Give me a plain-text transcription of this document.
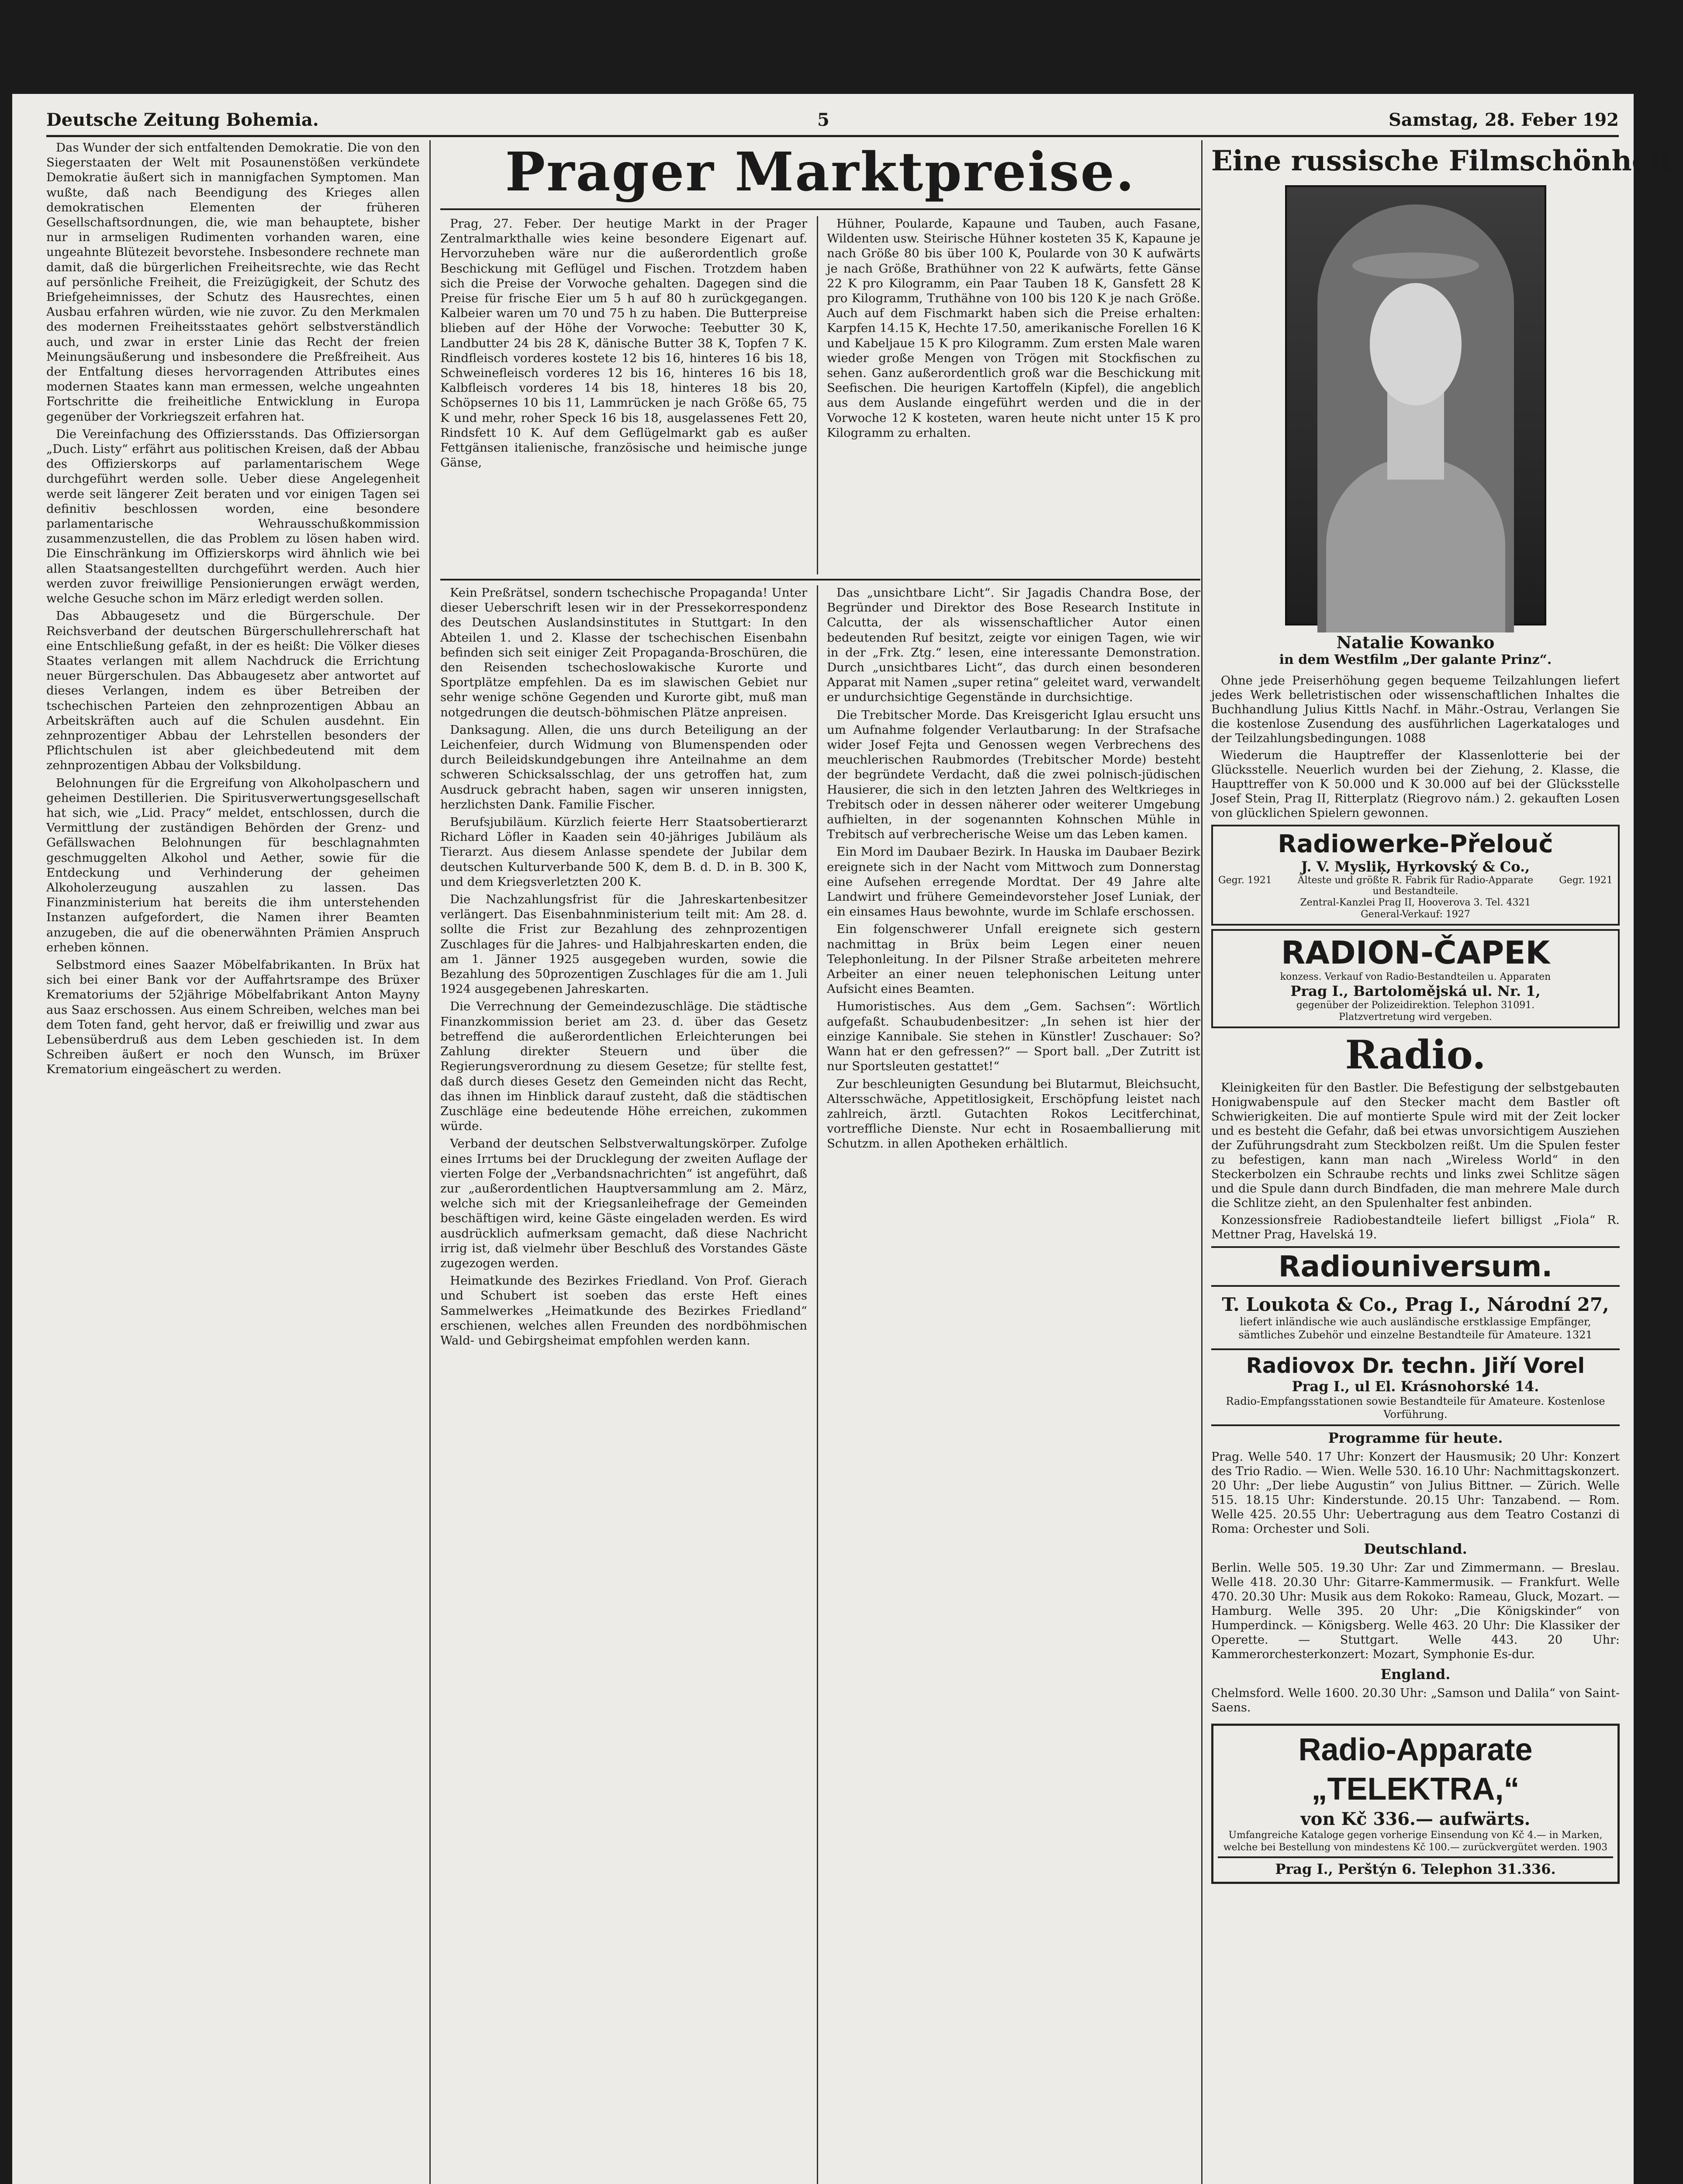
Deutsche Zeitung Bohemia.	5	Samstag, 28. Feber 192

Das Wunder der sich entfaltenden Demokratie. Die von den Siegerstaaten der Welt mit Posaunenstößen verkündete Demokratie äußert sich in mannigfachen Symptomen. Man wußte, daß nach Beendigung des Krieges allen demokratischen Elementen der früheren Gesellschaftsordnungen, die, wie man behauptete, bisher nur in armseligen Rudimenten vorhanden waren, eine ungeahnte Blütezeit bevorstehe. Insbesondere rechnete man damit, daß die bürgerlichen Freiheitsrechte, wie das Recht auf persönliche Freiheit, die Freizügigkeit, der Schutz des Briefgeheimnisses, der Schutz des Hausrechtes, einen Ausbau erfahren würden, wie nie zuvor. Zu den Merkmalen des modernen Freiheitsstaates gehört selbstverständlich auch, und zwar in erster Linie das Recht der freien Meinungsäußerung und insbesondere die Preßfreiheit. Aus der Entfaltung dieses hervorragenden Attributes eines modernen Staates kann man ermessen, welche ungeahnten Fortschritte die freiheitliche Entwicklung in Europa gegenüber der Vorkriegszeit erfahren hat.

Die Vereinfachung des Offiziersstands. Das Offiziersorgan „Duch. Listy“ erfährt aus politischen Kreisen, daß der Abbau des Offizierskorps auf parlamentarischem Wege durchgeführt werden solle. Ueber diese Angelegenheit werde seit längerer Zeit beraten und vor einigen Tagen sei definitiv beschlossen worden, eine besondere parlamentarische Wehrausschußkommission zusammenzustellen, die das Problem zu lösen haben wird. Die Einschränkung im Offizierskorps wird ähnlich wie bei allen Staatsangestellten durchgeführt werden. Auch hier werden zuvor freiwillige Pensionierungen erwägt werden, welche Gesuche schon im März erledigt werden sollen.

Das Abbaugesetz und die Bürgerschule. Der Reichsverband der deutschen Bürgerschullehrerschaft hat eine Entschließung gefaßt, in der es heißt: Die Völker dieses Staates verlangen mit allem Nachdruck die Errichtung neuer Bürgerschulen. Das Abbaugesetz aber antwortet auf dieses Verlangen, indem es über Betreiben der tschechischen Parteien den zehnprozentigen Abbau an Arbeitskräften auch auf die Schulen ausdehnt. Ein zehnprozentiger Abbau der Lehrstellen besonders der Pflichtschulen ist aber gleichbedeutend mit dem zehnprozentigen Abbau der Volksbildung.

Belohnungen für die Ergreifung von Alkoholpaschern und geheimen Destillerien. Die Spiritusverwertungsgesellschaft hat sich, wie „Lid. Pracy“ meldet, entschlossen, durch die Vermittlung der zuständigen Behörden der Grenz- und Gefällswachen Belohnungen für beschlagnahmten geschmuggelten Alkohol und Aether, sowie für die Entdeckung und Verhinderung der geheimen Alkoholerzeugung auszahlen zu lassen. Das Finanzministerium hat bereits die ihm unterstehenden Instanzen aufgefordert, die Namen ihrer Beamten anzugeben, die auf die obenerwähnten Prämien Anspruch erheben können.

Selbstmord eines Saazer Möbelfabrikanten. In Brüx hat sich bei einer Bank vor der Auffahrtsrampe des Brüxer Krematoriums der 52jährige Möbelfabrikant Anton Mayny aus Saaz erschossen. Aus einem Schreiben, welches man bei dem Toten fand, geht hervor, daß er freiwillig und zwar aus Lebensüberdruß aus dem Leben geschieden ist. In dem Schreiben äußert er noch den Wunsch, im Brüxer Krematorium eingeäschert zu werden.

Prager Marktpreise.

Prag, 27. Feber. Der heutige Markt in der Prager Zentralmarkthalle wies keine besondere Eigenart auf. Hervorzuheben wäre nur die außerordentlich große Beschickung mit Geflügel und Fischen. Trotzdem haben sich die Preise der Vorwoche gehalten. Dagegen sind die Preise für frische Eier um 5 h auf 80 h zurückgegangen. Kalbeier waren um 70 und 75 h zu haben. Die Butterpreise blieben auf der Höhe der Vorwoche: Teebutter 30 K, Landbutter 24 bis 28 K, dänische Butter 38 K, Topfen 7 K. Rindfleisch vorderes kostete 12 bis 16, hinteres 16 bis 18, Schweinefleisch vorderes 12 bis 16, hinteres 16 bis 18, Kalbfleisch vorderes 14 bis 18, hinteres 18 bis 20, Schöpsernes 10 bis 11, Lammrücken je nach Größe 65, 75 K und mehr, roher Speck 16 bis 18, ausgelassenes Fett 20, Rindsfett 10 K. Auf dem Geflügelmarkt gab es außer Fettgänsen italienische, französische und heimische junge Gänse,

Hühner, Poularde, Kapaune und Tauben, auch Fasane, Wildenten usw. Steirische Hühner kosteten 35 K, Kapaune je nach Größe 80 bis über 100 K, Poularde von 30 K aufwärts je nach Größe, Brathühner von 22 K aufwärts, fette Gänse 22 K pro Kilogramm, ein Paar Tauben 18 K, Gansfett 28 K pro Kilogramm, Truthähne von 100 bis 120 K je nach Größe. Auch auf dem Fischmarkt haben sich die Preise erhalten: Karpfen 14.15 K, Hechte 17.50, amerikanische Forellen 16 K und Kabeljaue 15 K pro Kilogramm. Zum ersten Male waren wieder große Mengen von Trögen mit Stockfischen zu sehen. Ganz außerordentlich groß war die Beschickung mit Seefischen. Die heurigen Kartoffeln (Kipfel), die angeblich aus dem Auslande eingeführt werden und die in der Vorwoche 12 K kosteten, waren heute nicht unter 15 K pro Kilogramm zu erhalten.

Kein Preßrätsel, sondern tschechische Propaganda! Unter dieser Ueberschrift lesen wir in der Pressekorrespondenz des Deutschen Auslandsinstitutes in Stuttgart: In den Abteilen 1. und 2. Klasse der tschechischen Eisenbahn befinden sich seit einiger Zeit Propaganda-Broschüren, die den Reisenden tschechoslowakische Kurorte und Sportplätze empfehlen. Da es im slawischen Gebiet nur sehr wenige schöne Gegenden und Kurorte gibt, muß man notgedrungen die deutsch-böhmischen Plätze anpreisen.

Danksagung. Allen, die uns durch Beteiligung an der Leichenfeier, durch Widmung von Blumenspenden oder durch Beileidskundgebungen ihre Anteilnahme an dem schweren Schicksalsschlag, der uns getroffen hat, zum Ausdruck gebracht haben, sagen wir unseren innigsten, herzlichsten Dank. Familie Fischer.

Berufsjubiläum. Kürzlich feierte Herr Staatsobertierarzt Richard Löfler in Kaaden sein 40-jähriges Jubiläum als Tierarzt. Aus diesem Anlasse spendete der Jubilar dem deutschen Kulturverbande 500 K, dem B. d. D. in B. 300 K, und dem Kriegsverletzten 200 K.

Die Nachzahlungsfrist für die Jahreskartenbesitzer verlängert. Das Eisenbahnministerium teilt mit: Am 28. d. sollte die Frist zur Bezahlung des zehnprozentigen Zuschlages für die Jahres- und Halbjahreskarten enden, die am 1. Jänner 1925 ausgegeben wurden, sowie die Bezahlung des 50prozentigen Zuschlages für die am 1. Juli 1924 ausgegebenen Jahreskarten.

Die Verrechnung der Gemeindezuschläge. Die städtische Finanzkommission beriet am 23. d. über das Gesetz betreffend die außerordentlichen Erleichterungen bei Zahlung direkter Steuern und über die Regierungsverordnung zu diesem Gesetze; für stellte fest, daß durch dieses Gesetz den Gemeinden nicht das Recht, das ihnen im Hinblick darauf zusteht, daß die städtischen Zuschläge eine bedeutende Höhe erreichen, zukommen würde.

Verband der deutschen Selbstverwaltungskörper. Zufolge eines Irrtums bei der Drucklegung der zweiten Auflage der vierten Folge der „Verbandsnachrichten“ ist angeführt, daß zur „außerordentlichen Hauptversammlung am 2. März, welche sich mit der Kriegsanleihefrage der Gemeinden beschäftigen wird, keine Gäste eingeladen werden. Es wird ausdrücklich aufmerksam gemacht, daß diese Nachricht irrig ist, daß vielmehr über Beschluß des Vorstandes Gäste zugezogen werden.

Heimatkunde des Bezirkes Friedland. Von Prof. Gierach und Schubert ist soeben das erste Heft eines Sammelwerkes „Heimatkunde des Bezirkes Friedland“ erschienen, welches allen Freunden des nordböhmischen Wald- und Gebirgsheimat empfohlen werden kann.

Das „unsichtbare Licht“. Sir Jagadis Chandra Bose, der Begründer und Direktor des Bose Research Institute in Calcutta, der als wissenschaftlicher Autor einen bedeutenden Ruf besitzt, zeigte vor einigen Tagen, wie wir in der „Frk. Ztg.“ lesen, eine interessante Demonstration. Durch „unsichtbares Licht“, das durch einen besonderen Apparat mit Namen „super retina“ geleitet ward, verwandelt er undurchsichtige Gegenstände in durchsichtige.

Die Trebitscher Morde. Das Kreisgericht Iglau ersucht uns um Aufnahme folgender Verlautbarung: In der Strafsache wider Josef Fejta und Genossen wegen Verbrechens des meuchlerischen Raubmordes (Trebitscher Morde) besteht der begründete Verdacht, daß die zwei polnisch-jüdischen Hausierer, die sich in den letzten Jahren des Weltkrieges in Trebitsch oder in dessen näherer oder weiterer Umgebung aufhielten, in der sogenannten Kohnschen Mühle in Trebitsch auf verbrecherische Weise um das Leben kamen.

Ein Mord im Daubaer Bezirk. In Hauska im Daubaer Bezirk ereignete sich in der Nacht vom Mittwoch zum Donnerstag eine Aufsehen erregende Mordtat. Der 49 Jahre alte Landwirt und frühere Gemeindevorsteher Josef Luniak, der ein einsames Haus bewohnte, wurde im Schlafe erschossen.

Ein folgenschwerer Unfall ereignete sich gestern nachmittag in Brüx beim Legen einer neuen Telephonleitung. In der Pilsner Straße arbeiteten mehrere Arbeiter an einer neuen telephonischen Leitung unter Aufsicht eines Beamten.

Humoristisches. Aus dem „Gem. Sachsen“: Wörtlich aufgefaßt. Schaubudenbesitzer: „In sehen ist hier der einzige Kannibale. Sie stehen in Künstler! Zuschauer: So? Wann hat er den gefressen?“ — Sport ball. „Der Zutritt ist nur Sportsleuten gestattet!“

Zur beschleunigten Gesundung bei Blutarmut, Bleichsucht, Altersschwäche, Appetitlosigkeit, Erschöpfung leistet nach zahlreich, ärztl. Gutachten Rokos Lecitferchinat, vortreffliche Dienste. Nur echt in Rosaemballierung mit Schutzm. in allen Apotheken erhältlich.

Eine russische Filmschönheit.
Natalie Kowanko
in dem Westfilm „Der galante Prinz“.

Ohne jede Preiserhöhung gegen bequeme Teilzahlungen liefert jedes Werk belletristischen oder wissenschaftlichen Inhaltes die Buchhandlung Julius Kittls Nachf. in Mähr.-Ostrau, Verlangen Sie die kostenlose Zusendung des ausführlichen Lagerkataloges und der Teilzahlungsbedingungen. 1088

Wiederum die Hauptreffer der Klassenlotterie bei der Glücksstelle. Neuerlich wurden bei der Ziehung, 2. Klasse, die Haupttreffer von K 50.000 und K 30.000 auf bei der Glücksstelle Josef Stein, Prag II, Ritterplatz (Riegrovo nám.) 2. gekauften Losen von glücklichen Spielern gewonnen.

Radiowerke-Přelouč
J. V. Mysliķ, Hyrkovský & Co.,
Gegr. 1921	Älteste und größte R. Fabrik für Radio-Apparate und Bestandteile.
Gegr. 1921
Zentral-Kanzlei Prag II, Hooverova 3. Tel. 4321
General-Verkauf: 1927
RADION-ČAPEK
konzess. Verkauf von Radio-Bestandteilen u. Apparaten
Prag I., Bartolomějská ul. Nr. 1,
gegenüber der Polizeidirektion. Telephon 31091.
Platzvertretung wird vergeben.
Radio.

Kleinigkeiten für den Bastler. Die Befestigung der selbstgebauten Honigwabenspule auf den Stecker macht dem Bastler oft Schwierigkeiten. Die auf montierte Spule wird mit der Zeit locker und es besteht die Gefahr, daß bei etwas unvorsichtigem Ausziehen der Zuführungsdraht zum Steckbolzen reißt. Um die Spulen fester zu befestigen, kann man nach „Wireless World“ in den Steckerbolzen ein Schraube rechts und links zwei Schlitze sägen und die Spule dann durch Bindfaden, die man mehrere Male durch die Schlitze zieht, an den Spulenhalter fest anbinden.

Konzessionsfreie Radiobestandteile liefert billigst „Fiola“ R. Mettner Prag, Havelská 19.

Radiouniversum.
T. Loukota & Co., Prag I., Národní 27,
liefert inländische wie auch ausländische erstklassige Empfänger, sämtliches Zubehör und einzelne Bestandteile für Amateure. 1321
Radiovox Dr. techn. Jiří Vorel
Prag I., ul El. Krásnohorské 14.
Radio-Empfangsstationen sowie Bestandteile für Amateure. Kostenlose Vorführung.
Programme für heute.
Prag. Welle 540. 17 Uhr: Konzert der Hausmusik; 20 Uhr: Konzert des Trio Radio. — Wien. Welle 530. 16.10 Uhr: Nachmittagskonzert. 20 Uhr: „Der liebe Augustin“ von Julius Bittner. — Zürich. Welle 515. 18.15 Uhr: Kinderstunde. 20.15 Uhr: Tanzabend. — Rom. Welle 425. 20.55 Uhr: Uebertragung aus dem Teatro Costanzi di Roma: Orchester und Soli.
Deutschland.
Berlin. Welle 505. 19.30 Uhr: Zar und Zimmermann. — Breslau. Welle 418. 20.30 Uhr: Gitarre-Kammermusik. — Frankfurt. Welle 470. 20.30 Uhr: Musik aus dem Rokoko: Rameau, Gluck, Mozart. — Hamburg. Welle 395. 20 Uhr: „Die Königskinder“ von Humperdinck. — Königsberg. Welle 463. 20 Uhr: Die Klassiker der Operette. — Stuttgart. Welle 443. 20 Uhr: Kammerorchesterkonzert: Mozart, Symphonie Es-dur.
England.
Chelmsford. Welle 1600. 20.30 Uhr: „Samson und Dalila“ von Saint-Saens.
Radio-Apparate „TELEKTRA,“
von Kč 336.— aufwärts.
Umfangreiche Kataloge gegen vorherige Einsendung von Kč 4.— in Marken, welche bei Bestellung von mindestens Kč 100.— zurückvergütet werden. 1903
Prag I., Perštýn 6. Telephon 31.336.
